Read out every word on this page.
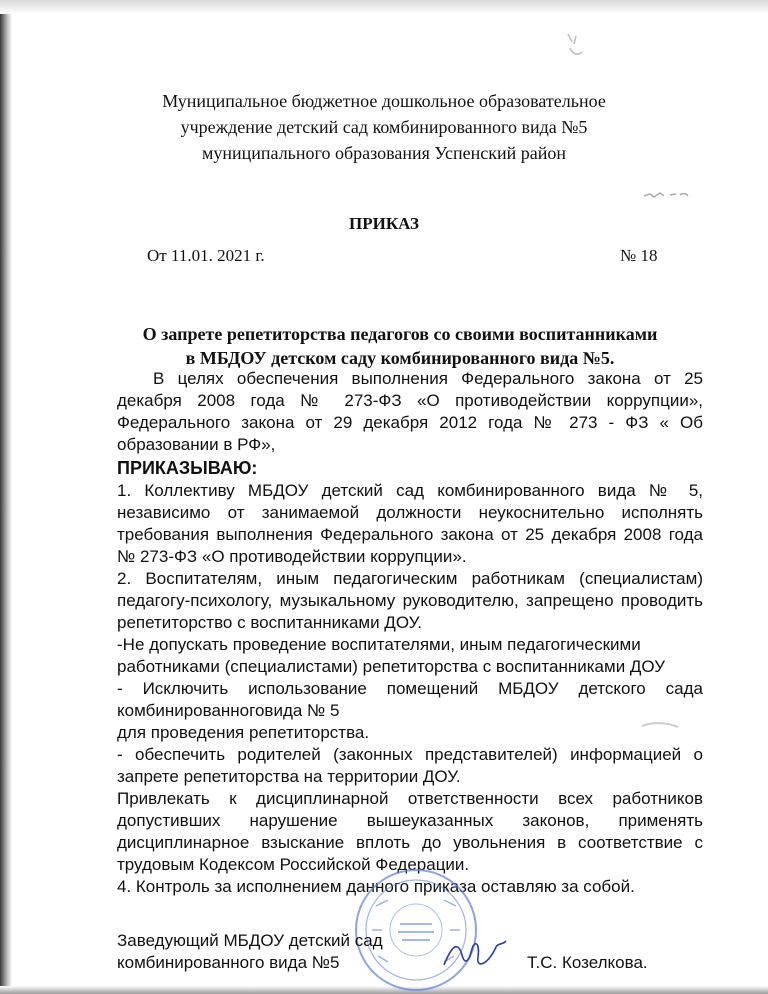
Муниципальное бюджетное дошкольное образовательное
учреждение детский сад комбинированного вида №5
муниципального образования Успенский район
ПРИКАЗ
От 11.01. 2021 г.	№ 18
О запрете репетиторства педагогов со своими воспитанниками
в МБДОУ детском саду комбинированного вида №5.

В целях обеспечения выполнения Федерального закона от 25 декабря 2008 года № 273-ФЗ «О противодействии коррупции», Федерального закона от 29 декабря 2012 года № 273 - ФЗ « Об образовании в РФ»,

ПРИКАЗЫВАЮ:

1. Коллективу МБДОУ детский сад комбинированного вида № 5, независимо от занимаемой должности неукоснительно исполнять требования выполнения Федерального закона от 25 декабря 2008 года № 273-ФЗ «О противодействии коррупции».

2. Воспитателям, иным педагогическим работникам (специалистам) педагогу-психологу, музыкальному руководителю, запрещено проводить репетиторство с воспитанниками ДОУ.

-Не допускать проведение воспитателями, иным педагогическими работниками (специалистами) репетиторства с воспитанниками ДОУ

- Исключить использование помещений МБДОУ детского сада комбинированноговида № 5

для проведения репетиторства.

- обеспечить родителей (законных представителей) информацией о запрете репетиторства на территории ДОУ.

Привлекать к дисциплинарной ответственности всех работников допустивших нарушение вышеуказанных законов, применять дисциплинарное взыскание вплоть до увольнения в соответствие с трудовым Кодексом Российской Федерации.

4. Контроль за исполнением данного приказа оставляю за собой.

Заведующий МБДОУ детский сад
комбинированного вида №5	Т.С. Козелкова.
